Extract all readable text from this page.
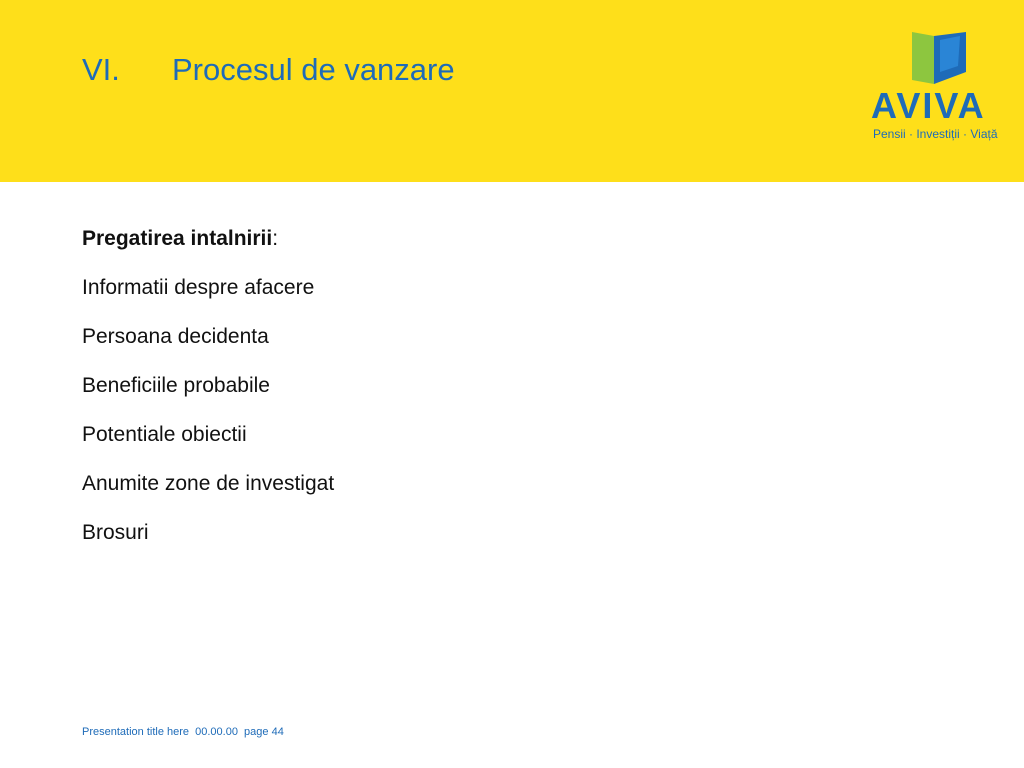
VI. Procesul de vanzare
AVIVA
Pensii · Investiții · Viață
Pregatirea intalnirii:
Informatii despre afacere
Persoana decidenta
Beneficiile probabile
Potentiale obiectii
Anumite zone de investigat
Brosuri
Presentation title here  00.00.00  page 44
